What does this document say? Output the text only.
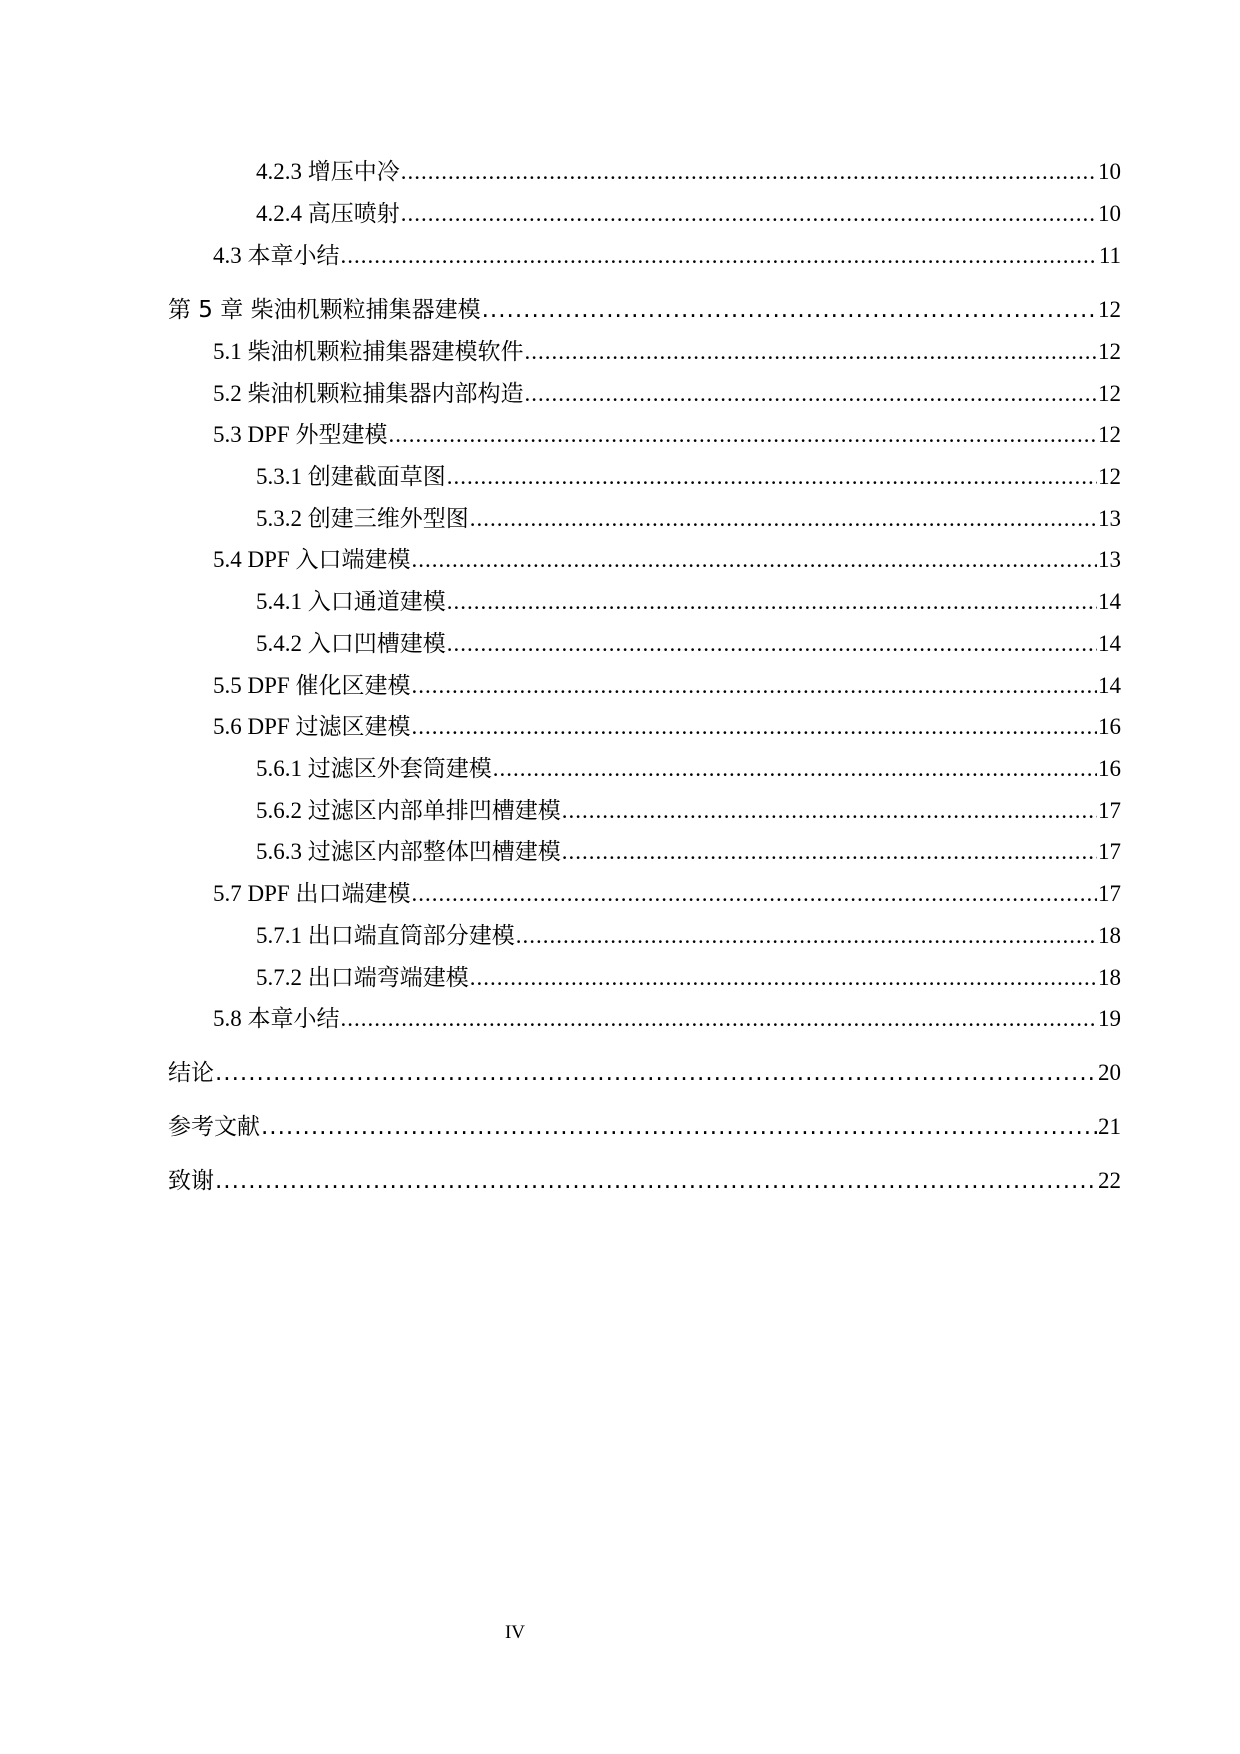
4.2.3 增压中冷 .....	10
4.2.4 高压喷射 .....	10
4.3 本章小结 .....	11
第 5 章 柴油机颗粒捕集器建模 .....	12
5.1 柴油机颗粒捕集器建模软件 .....	12
5.2 柴油机颗粒捕集器内部构造 .....	12
5.3 DPF 外型建模 .....	12
5.3.1 创建截面草图 .....	12
5.3.2 创建三维外型图 .....	13
5.4 DPF 入口端建模 .....	13
5.4.1 入口通道建模 .....	14
5.4.2 入口凹槽建模 .....	14
5.5 DPF 催化区建模 .....	14
5.6 DPF 过滤区建模 .....	16
5.6.1 过滤区外套筒建模 .....	16
5.6.2 过滤区内部单排凹槽建模 .....	17
5.6.3 过滤区内部整体凹槽建模 .....	17
5.7 DPF 出口端建模 .....	17
5.7.1 出口端直筒部分建模 .....	18
5.7.2 出口端弯端建模 .....	18
5.8 本章小结 .....	19
结论 .....	20
参考文献 .....	21
致谢 .....	22
IV
